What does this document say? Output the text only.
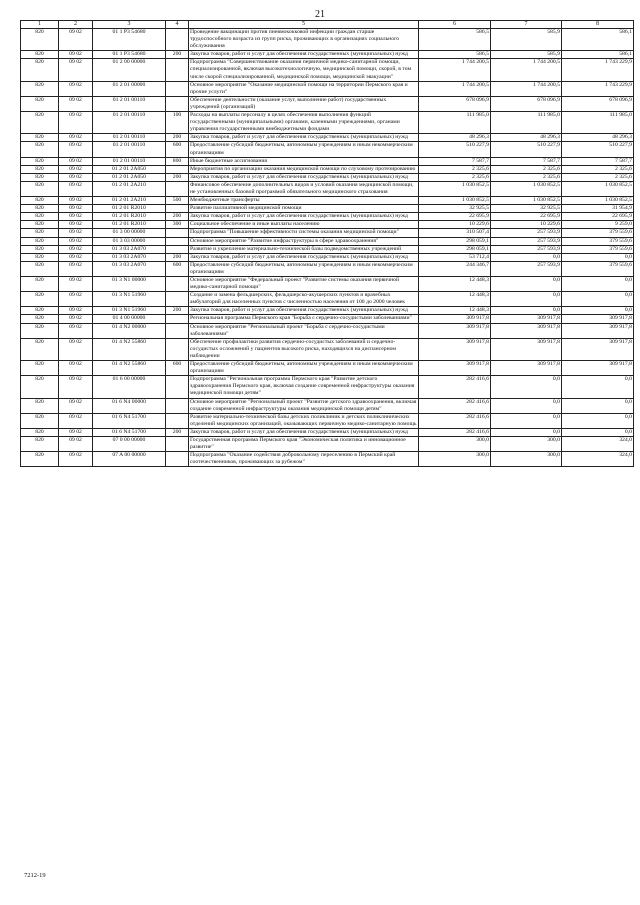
21
1	2	3	4	5	6	7	8
820	09 02	01 1 P3 54680		Проведение вакцинации против пневмококковой инфекции граждан старше трудоспособного возраста из групп риска, проживающих в организациях социального обслуживания	586,5	585,9	586,1
820	09 02	01 1 P3 54680	200	Закупка товаров, работ и услуг для обеспечения государственных (муниципальных) нужд	586,5	585,9	586,1
820	09 02	01 2 00 00000		Подпрограмма "Совершенствование оказания первичной медико-санитарной помощи, специализированной, включая высокотехнологичную, медицинской помощи, скорой, в том числе скорой специализированной, медицинской помощи, медицинской эвакуации"	1 744 200,5	1 744 200,5	1 743 229,9
820	09 02	01 2 01 00000		Основное мероприятие "Оказание медицинской помощи на территории Пермского края и прочие услуги"	1 744 200,5	1 744 200,5	1 743 229,9
820	09 02	01 2 01 00110		Обеспечение деятельности (оказание услуг, выполнение работ) государственных учреждений (организаций)	678 096,9	678 096,9	678 096,9
820	09 02	01 2 01 00110	100	Расходы на выплаты персоналу в целях обеспечения выполнения функций государственными (муниципальными) органами, казенными учреждениями, органами управления государственными внебюджетными фондами	111 985,0	111 985,0	111 985,0
820	09 02	01 2 01 00110	200	Закупка товаров, работ и услуг для обеспечения государственных (муниципальных) нужд	48 296,3	48 296,3	48 296,3
820	09 02	01 2 01 00110	600	Предоставление субсидий бюджетным, автономным учреждениям и иным некоммерческим организациям	510 227,9	510 227,9	510 227,9
820	09 02	01 2 01 00110	800	Иные бюджетные ассигнования	7 587,7	7 587,7	7 587,7
820	09 02	01 2 01 2A050		Мероприятия по организации оказания медицинской помощи по слуховому протезированию	2 325,6	2 325,6	2 325,6
820	09 02	01 2 01 2A050	200	Закупка товаров, работ и услуг для обеспечения государственных (муниципальных) нужд	2 325,6	2 325,6	2 325,6
820	09 02	01 2 01 2A210		Финансовое обеспечение дополнительных видов и условий оказания медицинской помощи, не установленных базовой программой обязательного медицинского страхования	1 030 852,5	1 030 852,5	1 030 852,5
820	09 02	01 2 01 2A210	500	Межбюджетные трансферты	1 030 852,5	1 030 852,5	1 030 852,5
820	09 02	01 2 01 R2010		Развитие паллиативной медицинской помощи	32 925,5	32 925,5	31 954,9
820	09 02	01 2 01 R2010	200	Закупка товаров, работ и услуг для обеспечения государственных (муниципальных) нужд	22 695,9	22 695,9	22 695,9
820	09 02	01 2 01 R2010	300	Социальное обеспечение и иные выплаты населению	10 229,6	10 229,6	9 259,0
820	09 02	01 3 00 00000		Подпрограмма "Повышение эффективности системы оказания медицинской помощи"	310 507,4	257 593,9	379 559,6
820	09 02	01 3 03 00000		Основное мероприятие "Развитие инфраструктуры в сфере здравоохранения"	298 059,1	257 593,9	379 559,6
820	09 02	01 3 03 2A070		Развитие и укрепление материально-технической базы подведомственных учреждений	298 059,1	257 593,9	379 559,6
820	09 02	01 3 03 2A070	200	Закупка товаров, работ и услуг для обеспечения государственных (муниципальных) нужд	53 712,4	0,0	0,0
820	09 02	01 3 03 2A070	600	Предоставление субсидий бюджетным, автономным учреждениям и иным некоммерческим организациям	244 346,7	257 593,9	379 559,6
820	09 02	01 3 N1 00000		Основное мероприятие "Федеральный проект "Развитие системы оказания первичной медико-санитарной помощи"	12 448,3	0,0	0,0
820	09 02	01 3 N1 51960		Создание и замена фельдшерских, фельдшерско-акушерских пунктов и врачебных амбулаторий для населенных пунктов с численностью населения от 100 до 2000 человек	12 448,3	0,0	0,0
820	09 02	01 3 N1 51960	200	Закупка товаров, работ и услуг для обеспечения государственных (муниципальных) нужд	12 448,3	0,0	0,0
820	09 02	01 4 00 00000		Региональная программа Пермского края "Борьба с сердечно-сосудистыми заболеваниями"	309 917,8	309 917,8	309 917,8
820	09 02	01 4 N2 00000		Основное мероприятие "Региональный проект "Борьба с сердечно-сосудистыми заболеваниями"	309 917,8	309 917,8	309 917,8
820	09 02	01 4 N2 55860		Обеспечение профилактики развития сердечно-сосудистых заболеваний и сердечно-сосудистых осложнений у пациентов высокого риска, находящихся на диспансерном наблюдении	309 917,8	309 917,8	309 917,8
820	09 02	01 4 N2 55860	600	Предоставление субсидий бюджетным, автономным учреждениям и иным некоммерческим организациям	309 917,8	309 917,8	309 917,8
820	09 02	01 6 00 00000		Подпрограмма "Региональная программа Пермского края "Развитие детского здравоохранения Пермского края, включая создание современной инфраструктуры оказания медицинской помощи детям"	282 416,6	0,0	0,0
820	09 02	01 6 N4 00000		Основное мероприятие "Региональный проект "Развитие детского здравоохранения, включая создание современной инфраструктуры оказания медицинской помощи детям"	282 416,6	0,0	0,0
820	09 02	01 6 N4 51700		Развитие материально-технической базы детских поликлиник и детских поликлинических отделений медицинских организаций, оказывающих первичную медико-санитарную помощь	282 416,6	0,0	0,0
820	09 02	01 6 N4 51700	200	Закупка товаров, работ и услуг для обеспечения государственных (муниципальных) нужд	282 416,6	0,0	0,0
820	09 02	07 0 00 00000		Государственная программа Пермского края "Экономическая политика и инновационное развитие"	300,0	300,0	324,0
820	09 02	07 A 00 00000		Подпрограмма "Оказание содействия добровольному переселению в Пермский край соотечественников, проживающих за рубежом"	300,0	300,0	324,0
7212-19
